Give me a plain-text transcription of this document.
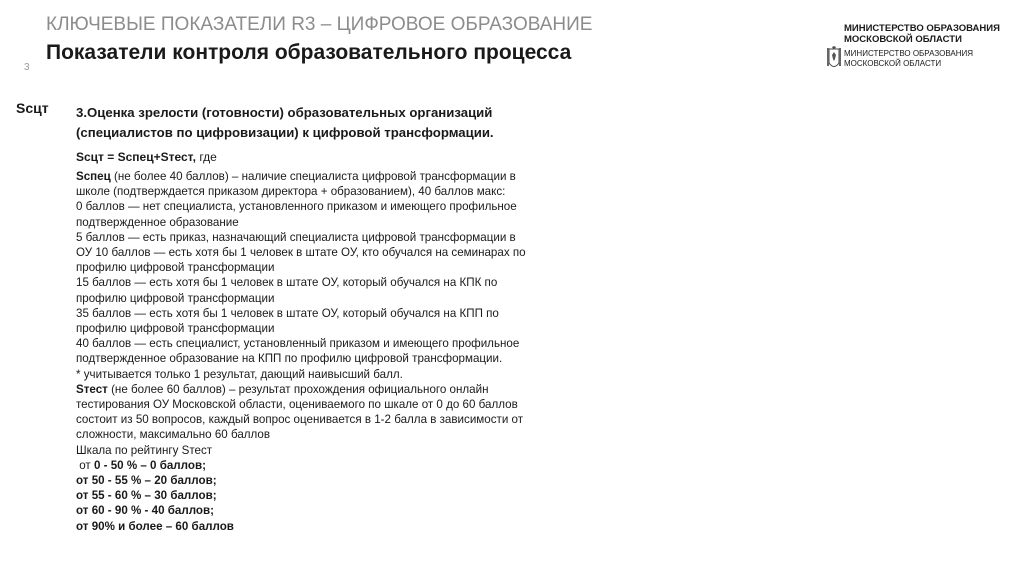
КЛЮЧЕВЫЕ ПОКАЗАТЕЛИ R3 – ЦИФРОВОЕ ОБРАЗОВАНИЕ
Показатели контроля образовательного процесса
3
МИНИСТЕРСТВО ОБРАЗОВАНИЯ
МОСКОВСКОЙ ОБЛАСТИ
МИНИСТЕРСТВО ОБРАЗОВАНИЯ
МОСКОВСКОЙ ОБЛАСТИ
Sсцт 3.Оценка зрелости (готовности) образовательных организаций
(специалистов по цифровизации) к цифровой трансформации.
Sсцт = Sспец+Sтест, где
Sспец (не более 40 баллов) – наличие специалиста цифровой трансформации в
школе (подтверждается приказом директора + образованием), 40 баллов макс:
0 баллов — нет специалиста, установленного приказом и имеющего профильное
подтвержденное образование
5 баллов — есть приказ, назначающий специалиста цифровой трансформации в
ОУ 10 баллов — есть хотя бы 1 человек в штате ОУ, кто обучался на семинарах по
профилю цифровой трансформации
15 баллов — есть хотя бы 1 человек в штате ОУ, который обучался на КПК по
профилю цифровой трансформации
35 баллов — есть хотя бы 1 человек в штате ОУ, который обучался на КПП по
профилю цифровой трансформации
40 баллов — есть специалист, установленный приказом и имеющего профильное
подтвержденное образование на КПП по профилю цифровой трансформации.
* учитывается только 1 результат, дающий наивысший балл.
Sтест (не более 60 баллов) – результат прохождения официального онлайн
тестирования ОУ Московской области, оцениваемого по шкале от 0 до 60 баллов
состоит из 50 вопросов, каждый вопрос оценивается в 1-2 балла в зависимости от
сложности, максимально 60 баллов
Шкала по рейтингу Sтест
от 0 - 50 % – 0 баллов;
от 50 - 55 % – 20 баллов;
от 55 - 60 % – 30 баллов;
от 60 - 90 % - 40 баллов;
от 90% и более – 60 баллов
